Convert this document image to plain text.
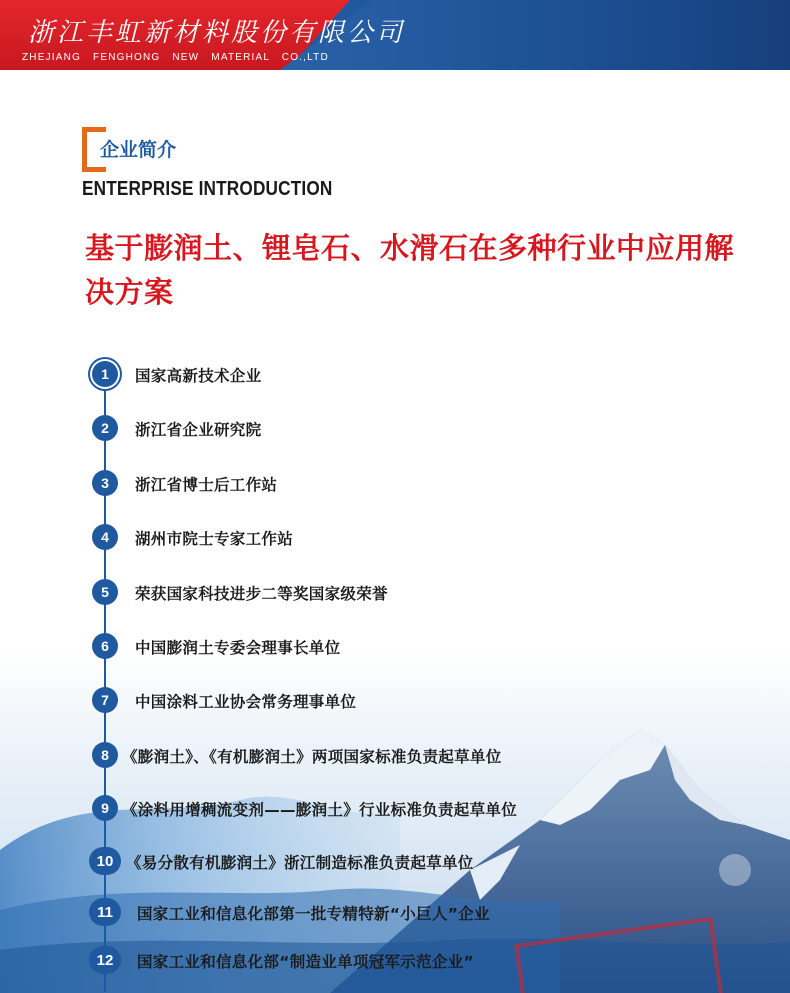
浙江丰虹新材料股份有限公司
ZHEJIANG FENGHONG NEW MATERIAL CO.,LTD
企业简介
ENTERPRISE INTRODUCTION
基于膨润土、锂皂石、水滑石在多种行业中应用解决方案
1	国家高新技术企业
2	浙江省企业研究院
3	浙江省博士后工作站
4	湖州市院士专家工作站
5	荣获国家科技进步二等奖国家级荣誉
6	中国膨润土专委会理事长单位
7	中国涂料工业协会常务理事单位
8 《膨润土》、《有机膨润土》两项国家标准负责起草单位
9 《涂料用增稠流变剂——膨润土》行业标准负责起草单位
10 《易分散有机膨润土》浙江制造标准负责起草单位
11	国家工业和信息化部第一批专精特新“小巨人”企业
12	国家工业和信息化部“制造业单项冠军示范企业”
